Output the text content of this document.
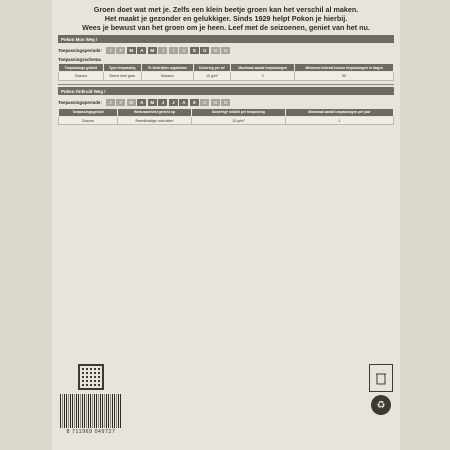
Groen doet wat met je. Zelfs een klein beetje groen kan het verschil al maken.
Het maakt je gezonder en gelukkiger. Sinds 1929 helpt Pokon je hierbij.
Wees je bewust van het groen om je heen. Leef met de seizoenen, geniet van het nu.
Pokon Mos Weg !
Toepassingsperiode:	J	F	M	A	M	J	J	A	S	O	N	D
Toepassingsschema
Toepassings-gebied	Type toepassing	Te bestrijden organisme	Dosering per m²	Maximaal aantal toepassingen	Minimum interval tussen toepassingen in dagen
Gazons	Breed heel gras	Mossen	15 g/m²	2	90
Pokon Onkruid Weg !
Toepassingsperiode:	J	F	M	A	M	J	J	A	S	O	N	D
Toepassingsgebied	Werkzaamheid gericht op	Dosering* middel per toepassing	Maximaal aantal toepassingen per jaar
Gazons	Breedbladige onkruiden	20 g/m²	1
8 711969 049727
♻
